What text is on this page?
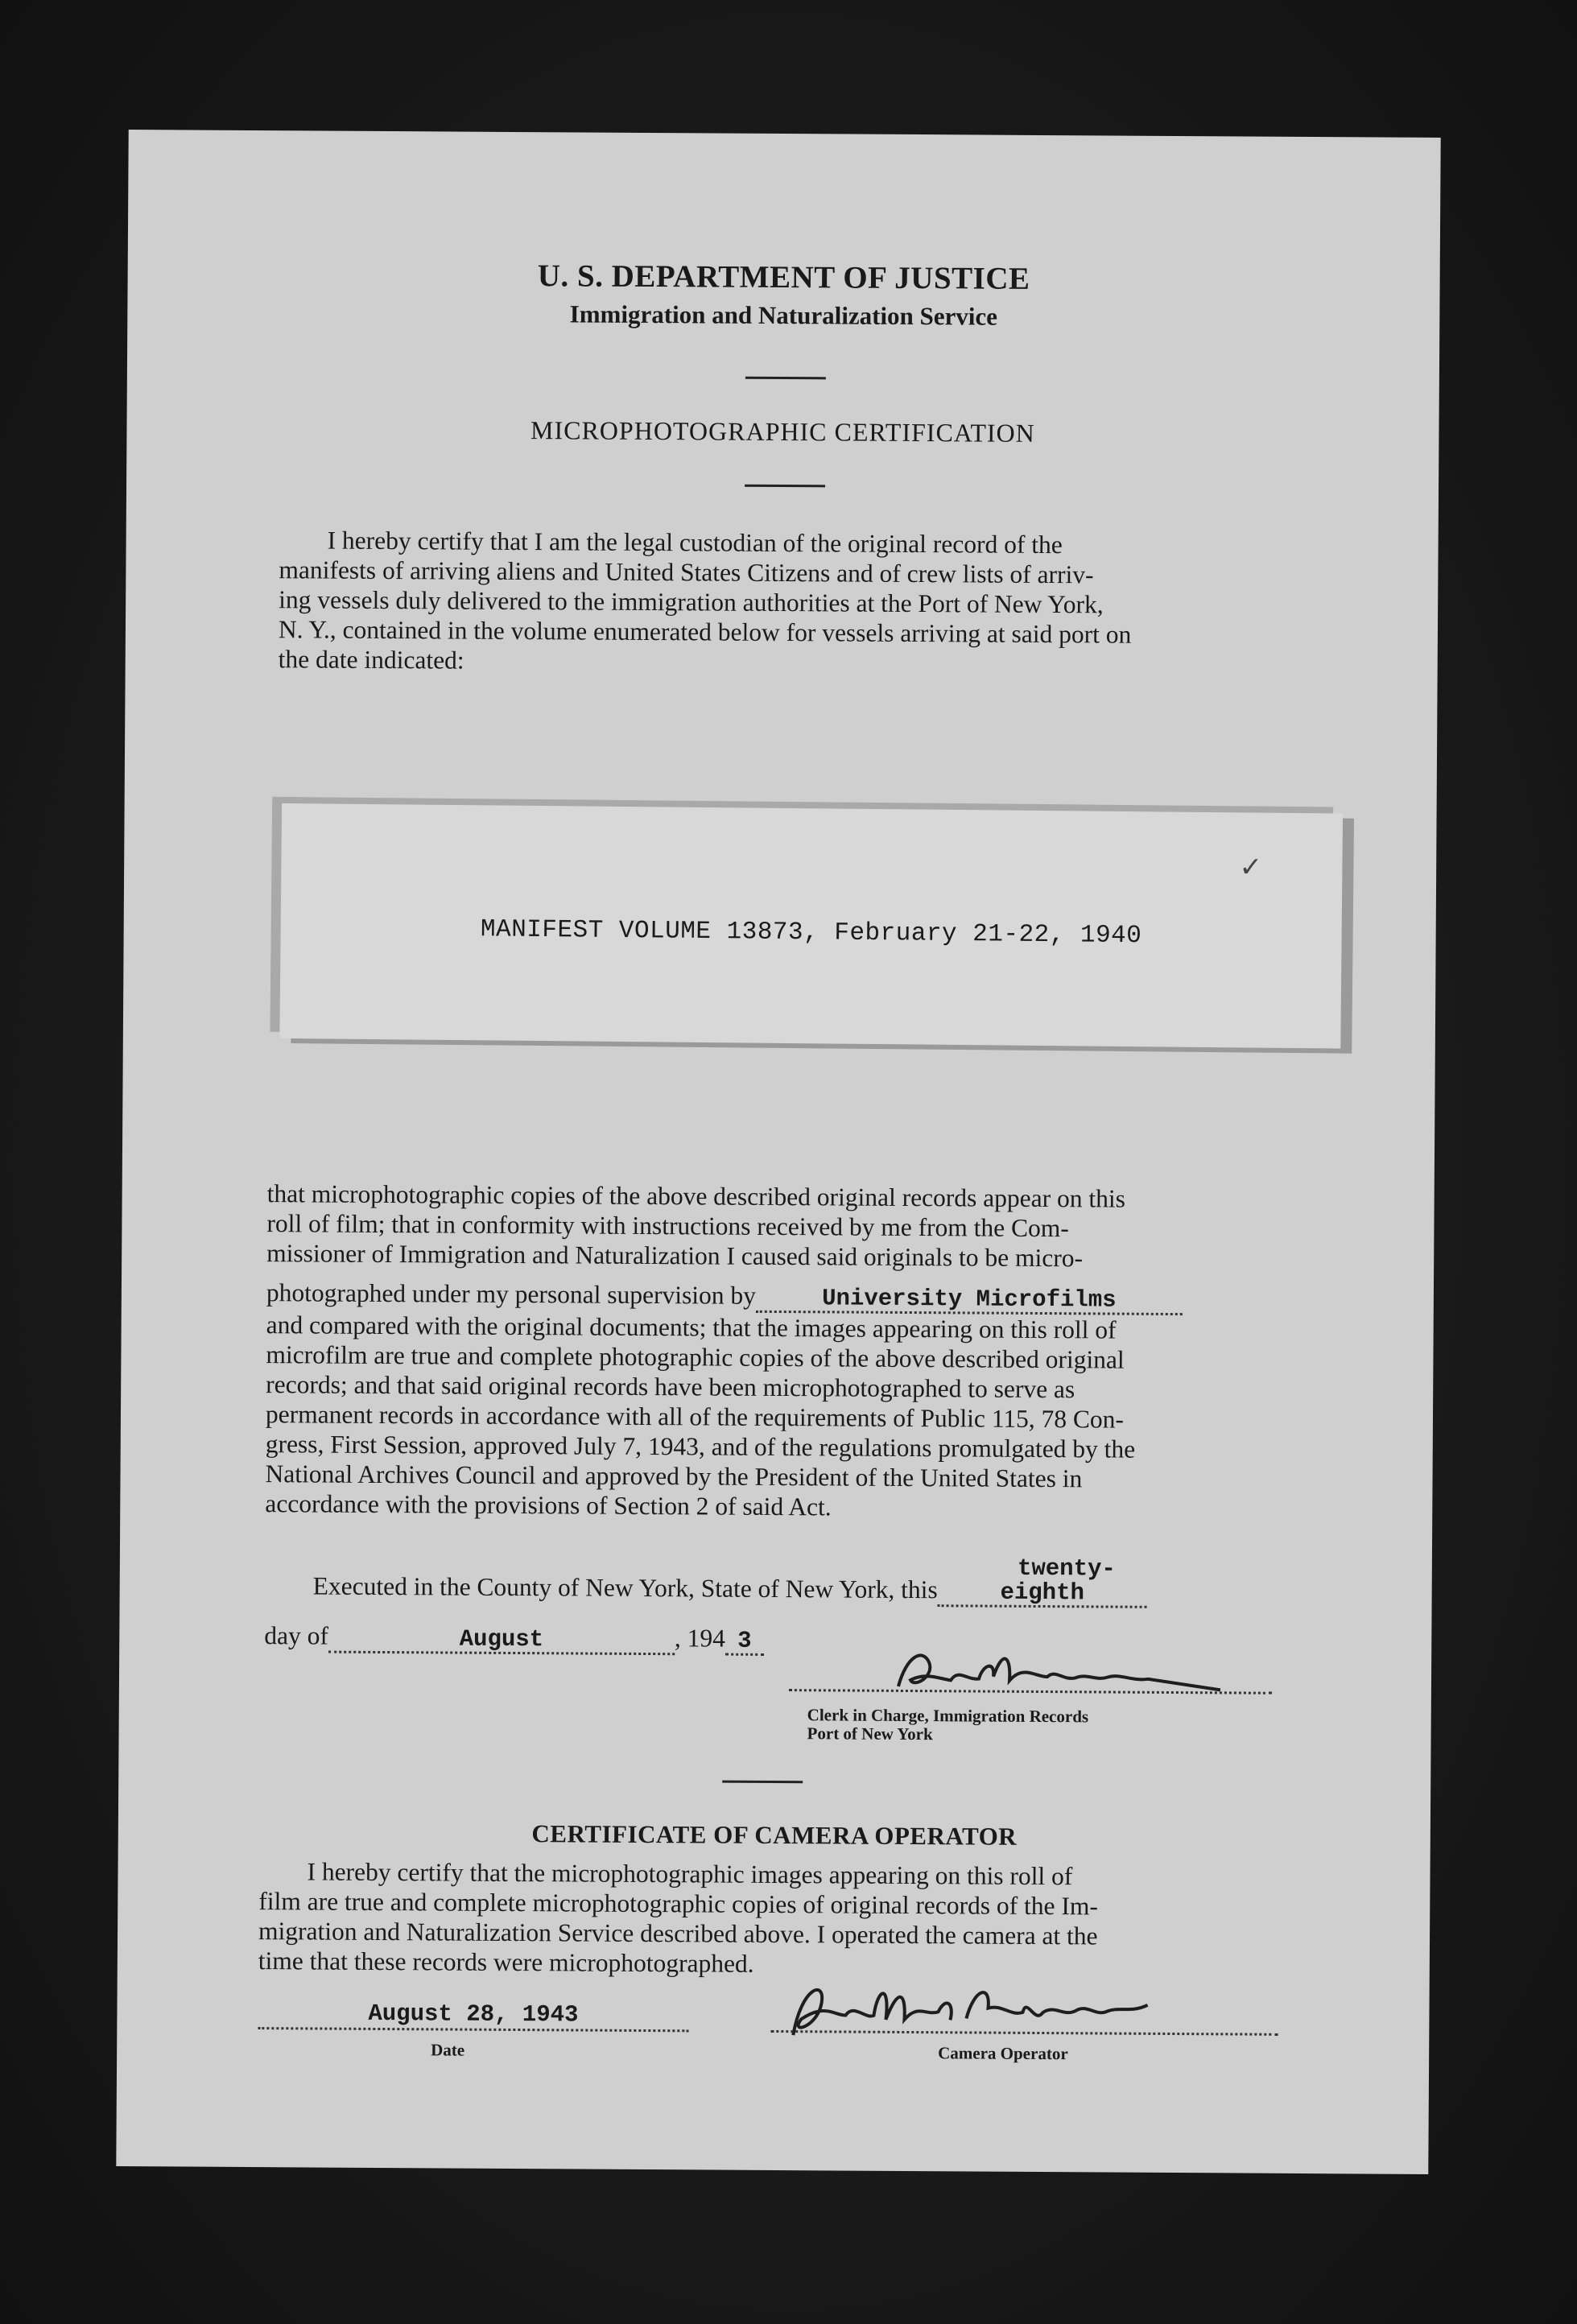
U. S. DEPARTMENT OF JUSTICE
Immigration and Naturalization Service
MICROPHOTOGRAPHIC CERTIFICATION
I hereby certify that I am the legal custodian of the original record of the
manifests of arriving aliens and United States Citizens and of crew lists of arriv-
ing vessels duly delivered to the immigration authorities at the Port of New York,
N. Y., contained in the volume enumerated below for vessels arriving at said port on
the date indicated:
✓
MANIFEST VOLUME 13873, February 21-22, 1940
that microphotographic copies of the above described original records appear on this
roll of film; that in conformity with instructions received by me from the Com-
missioner of Immigration and Naturalization I caused said originals to be micro-
photographed under my personal supervision by	University Microfilms
and compared with the original documents; that the images appearing on this roll of
microfilm are true and complete photographic copies of the above described original
records; and that said original records have been microphotographed to serve as
permanent records in accordance with all of the requirements of Public 115, 78 Con-
gress, First Session, approved July 7, 1943, and of the regulations promulgated by the
National Archives Council and approved by the President of the United States in
accordance with the provisions of Section 2 of said Act.
Executed in the County of New York, State of New York, thistwenty-eighth
day of	August	, 194 3
Clerk in Charge, Immigration Records
Port of New York
CERTIFICATE OF CAMERA OPERATOR
I hereby certify that the microphotographic images appearing on this roll of
film are true and complete microphotographic copies of original records of the Im-
migration and Naturalization Service described above. I operated the camera at the
time that these records were microphotographed.
August 28, 1943
Date	Camera Operator
